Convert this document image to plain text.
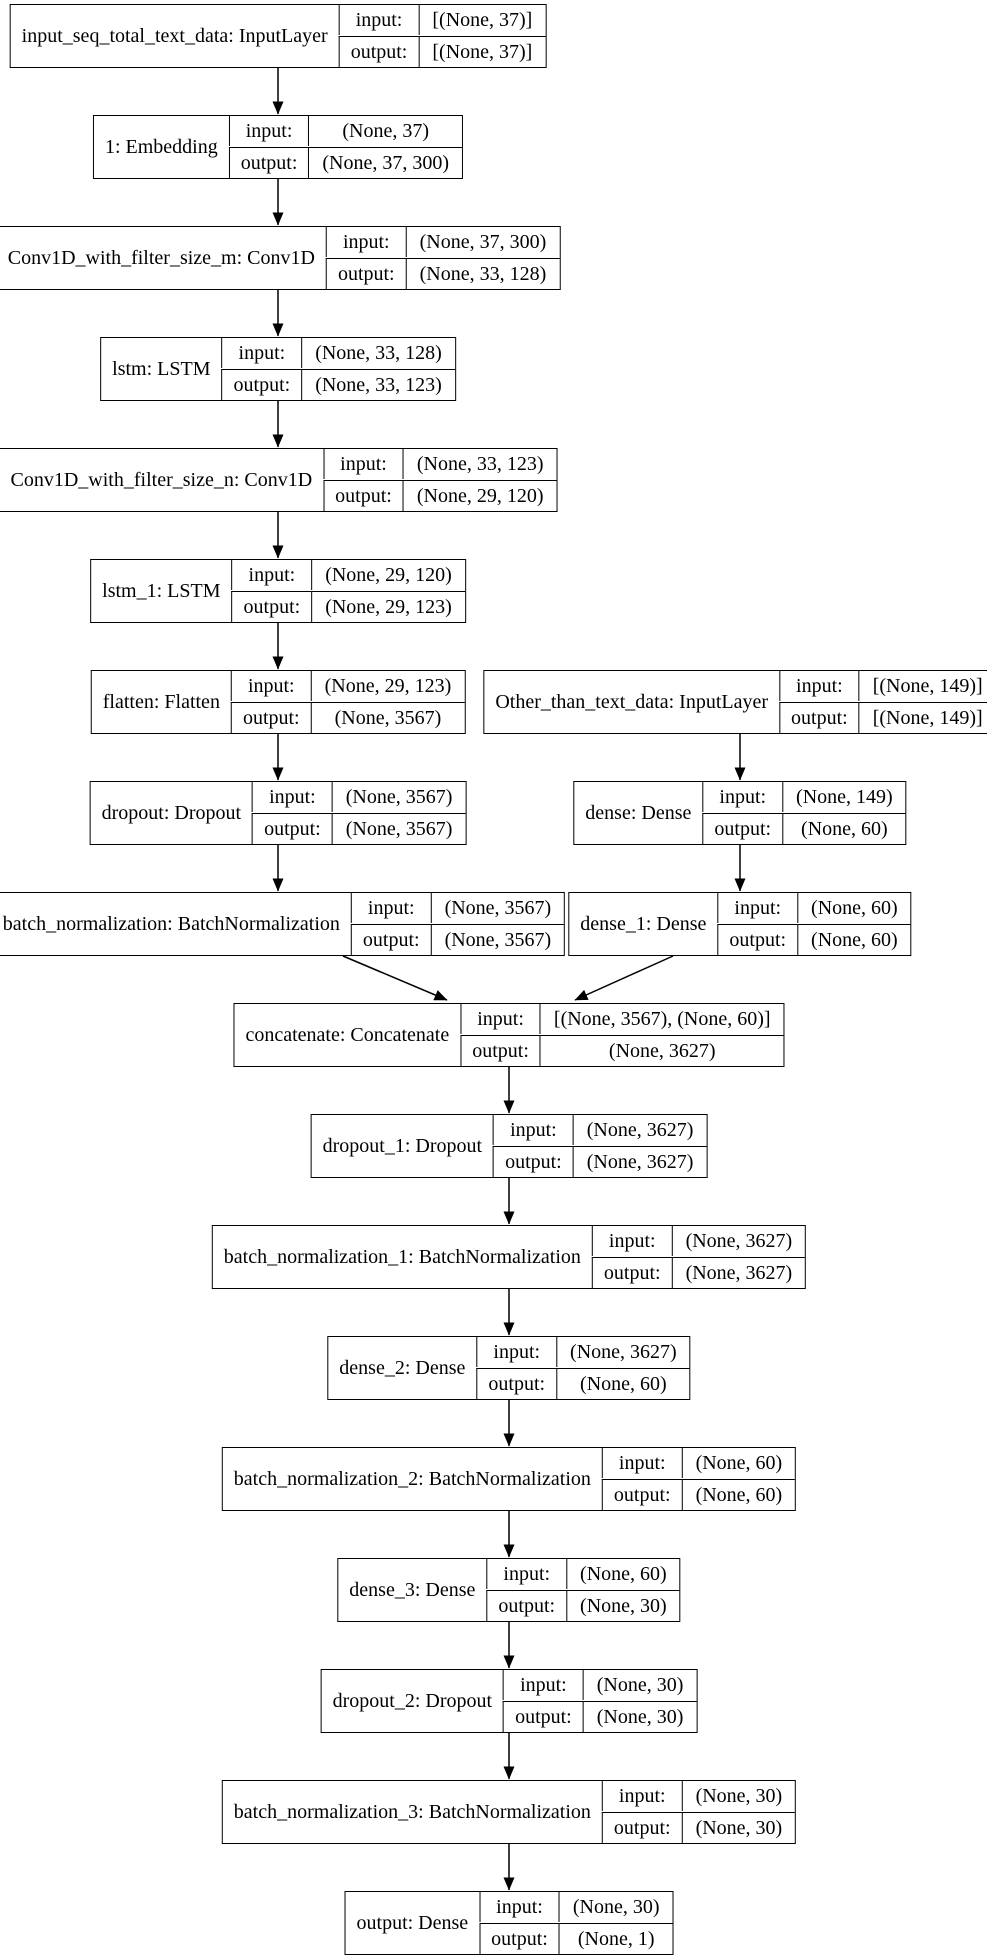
input_seq_total_text_data: InputLayer
input:	[(None, 37)]
output:	[(None, 37)]
1: Embedding
input:	(None, 37)
output:	(None, 37, 300)
Conv1D_with_filter_size_m: Conv1D
input:	(None, 37, 300)
output:	(None, 33, 128)
lstm: LSTM
input:	(None, 33, 128)
output:	(None, 33, 123)
Conv1D_with_filter_size_n: Conv1D
input:	(None, 33, 123)
output:	(None, 29, 120)
lstm_1: LSTM
input:	(None, 29, 120)
output:	(None, 29, 123)
flatten: Flatten
input:	(None, 29, 123)
output:	(None, 3567)
Other_than_text_data: InputLayer
input:	[(None, 149)]
output:	[(None, 149)]
dropout: Dropout
input:	(None, 3567)
output:	(None, 3567)
dense: Dense
input:	(None, 149)
output:	(None, 60)
batch_normalization: BatchNormalization
input:	(None, 3567)
output:	(None, 3567)
dense_1: Dense
input:	(None, 60)
output:	(None, 60)
concatenate: Concatenate
input:	[(None, 3567), (None, 60)]
output:	(None, 3627)
dropout_1: Dropout
input:	(None, 3627)
output:	(None, 3627)
batch_normalization_1: BatchNormalization
input:	(None, 3627)
output:	(None, 3627)
dense_2: Dense
input:	(None, 3627)
output:	(None, 60)
batch_normalization_2: BatchNormalization
input:	(None, 60)
output:	(None, 60)
dense_3: Dense
input:	(None, 60)
output:	(None, 30)
dropout_2: Dropout
input:	(None, 30)
output:	(None, 30)
batch_normalization_3: BatchNormalization
input:	(None, 30)
output:	(None, 30)
output: Dense
input:	(None, 30)
output:	(None, 1)
